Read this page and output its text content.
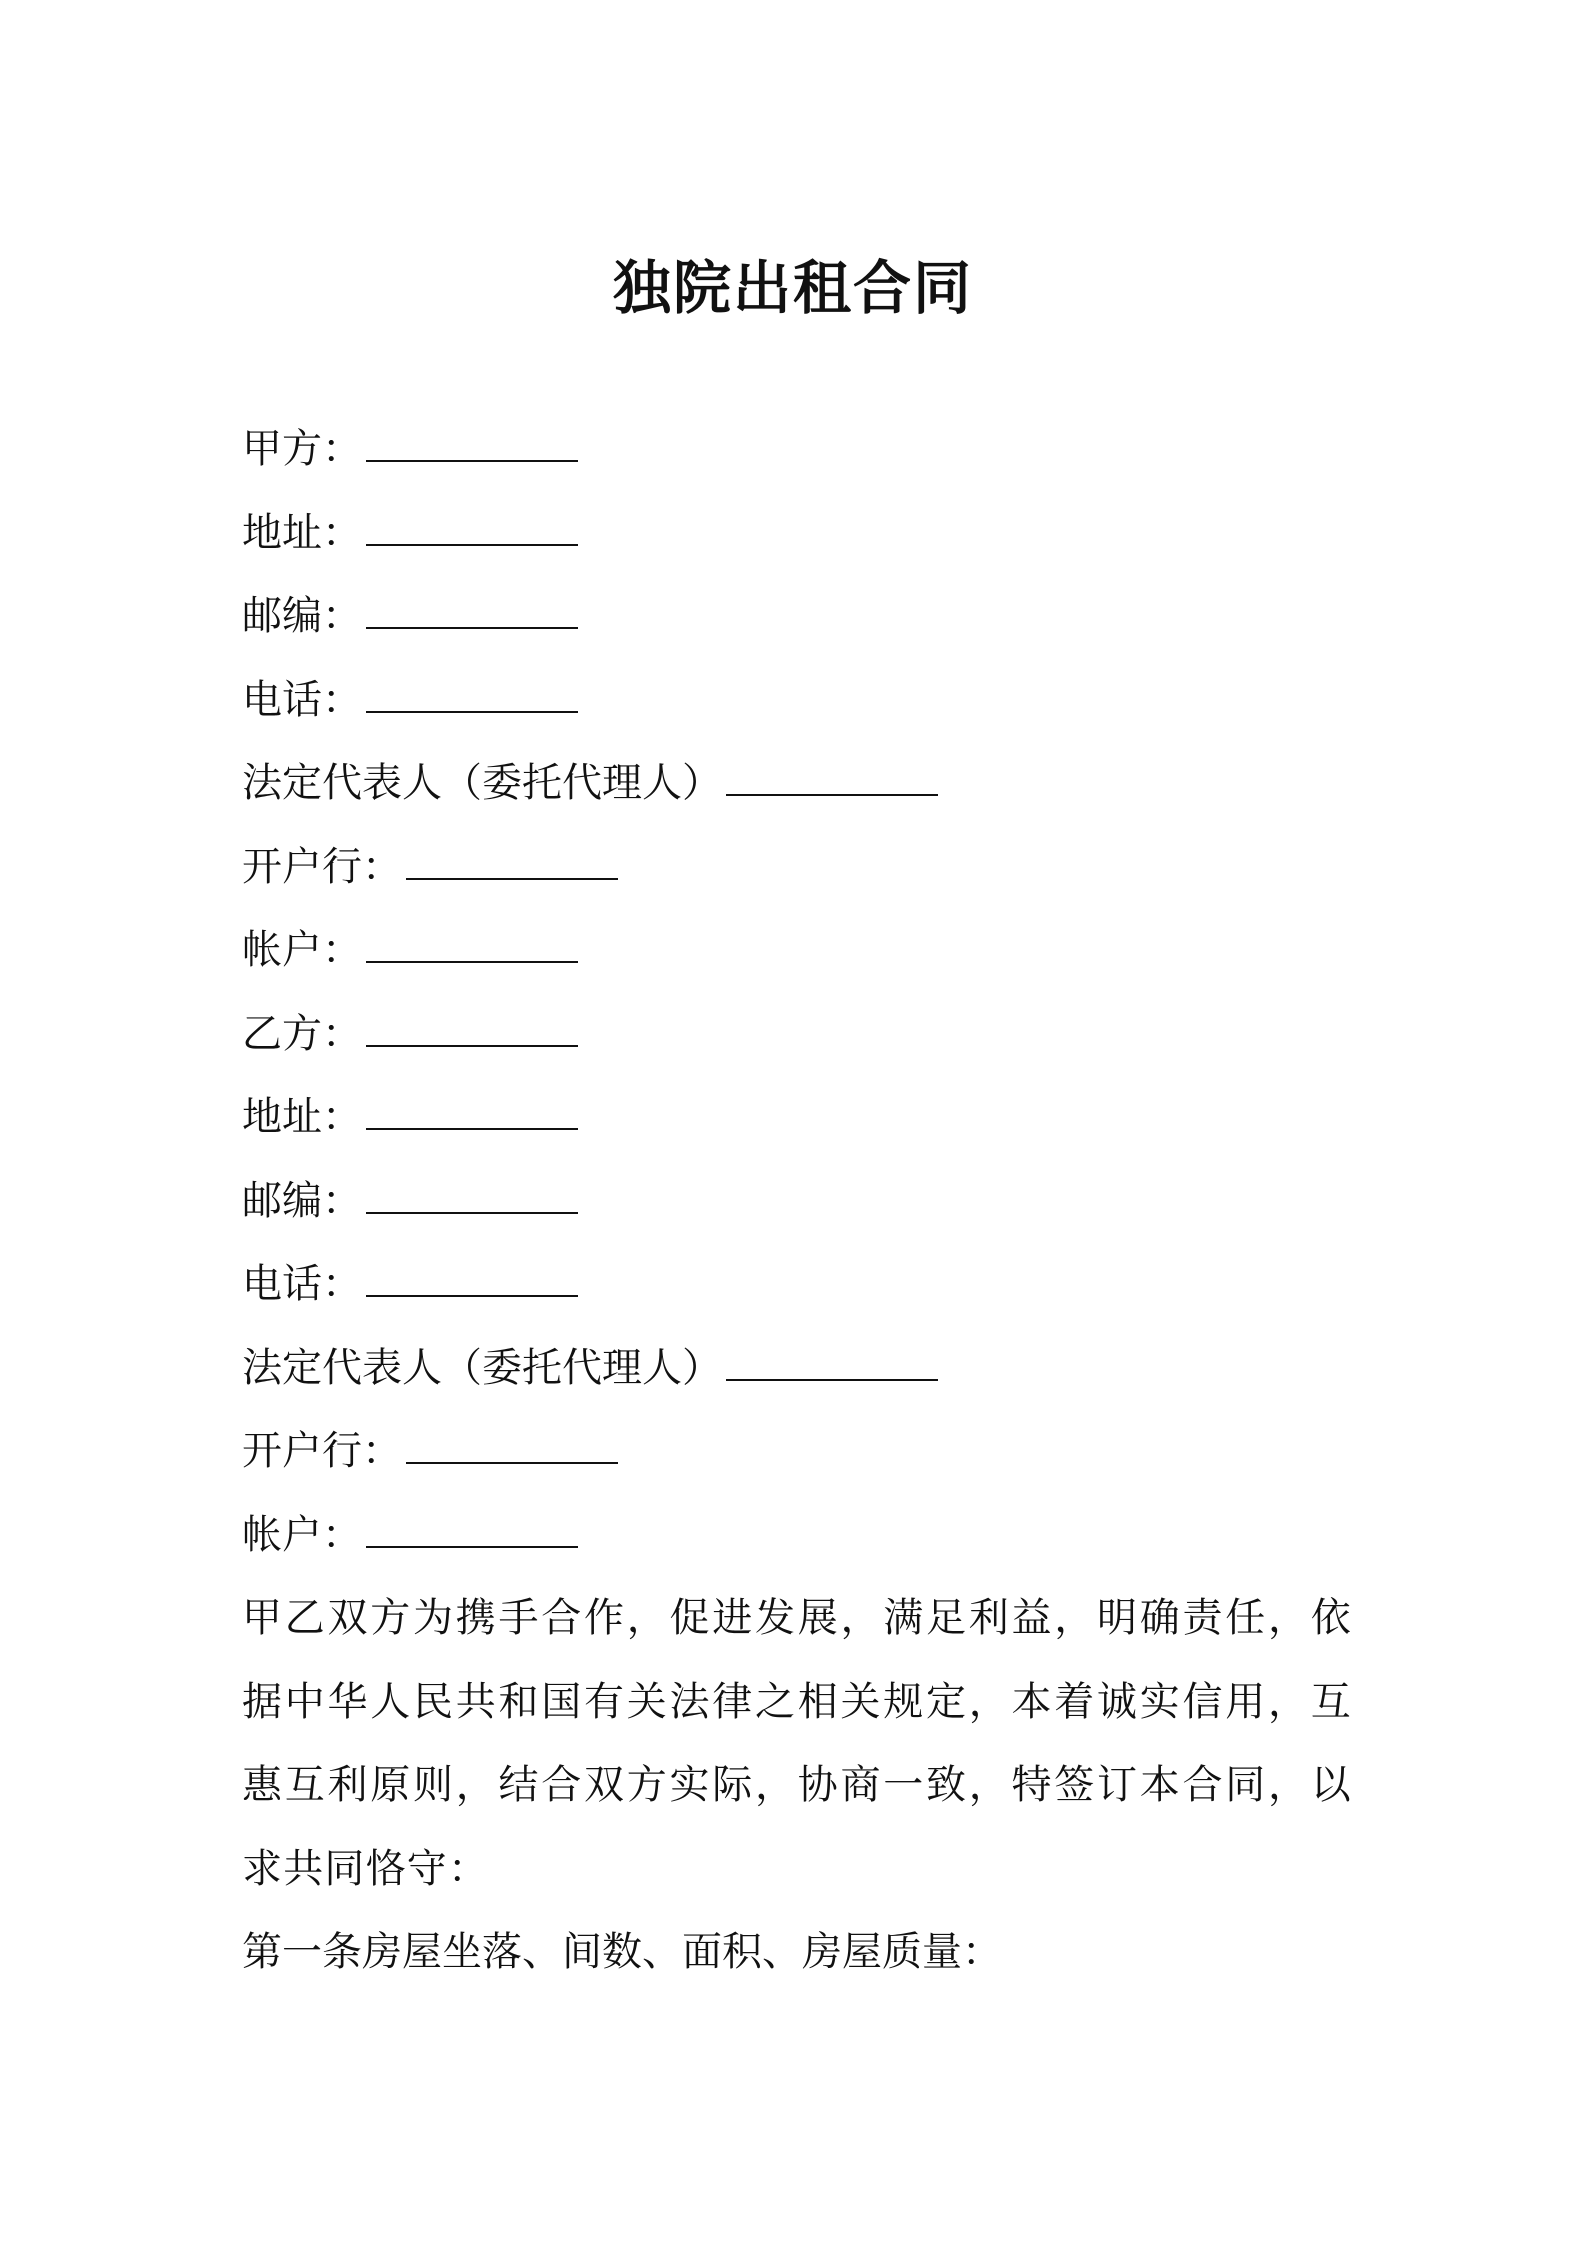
独院出租合同
甲方：
地址：
邮编：
电话：
法定代表人（委托代理人）
开户行：
帐户：
乙方：
地址：
邮编：
电话：
法定代表人（委托代理人）
开户行：
帐户：
甲乙双方为携手合作，促进发展，满足利益，明确责任，依据中华人民共和国有关法律之相关规定，本着诚实信用，互惠互利原则，结合双方实际，协商一致，特签订本合同，以求共同恪守：
第一条房屋坐落、间数、面积、房屋质量：
